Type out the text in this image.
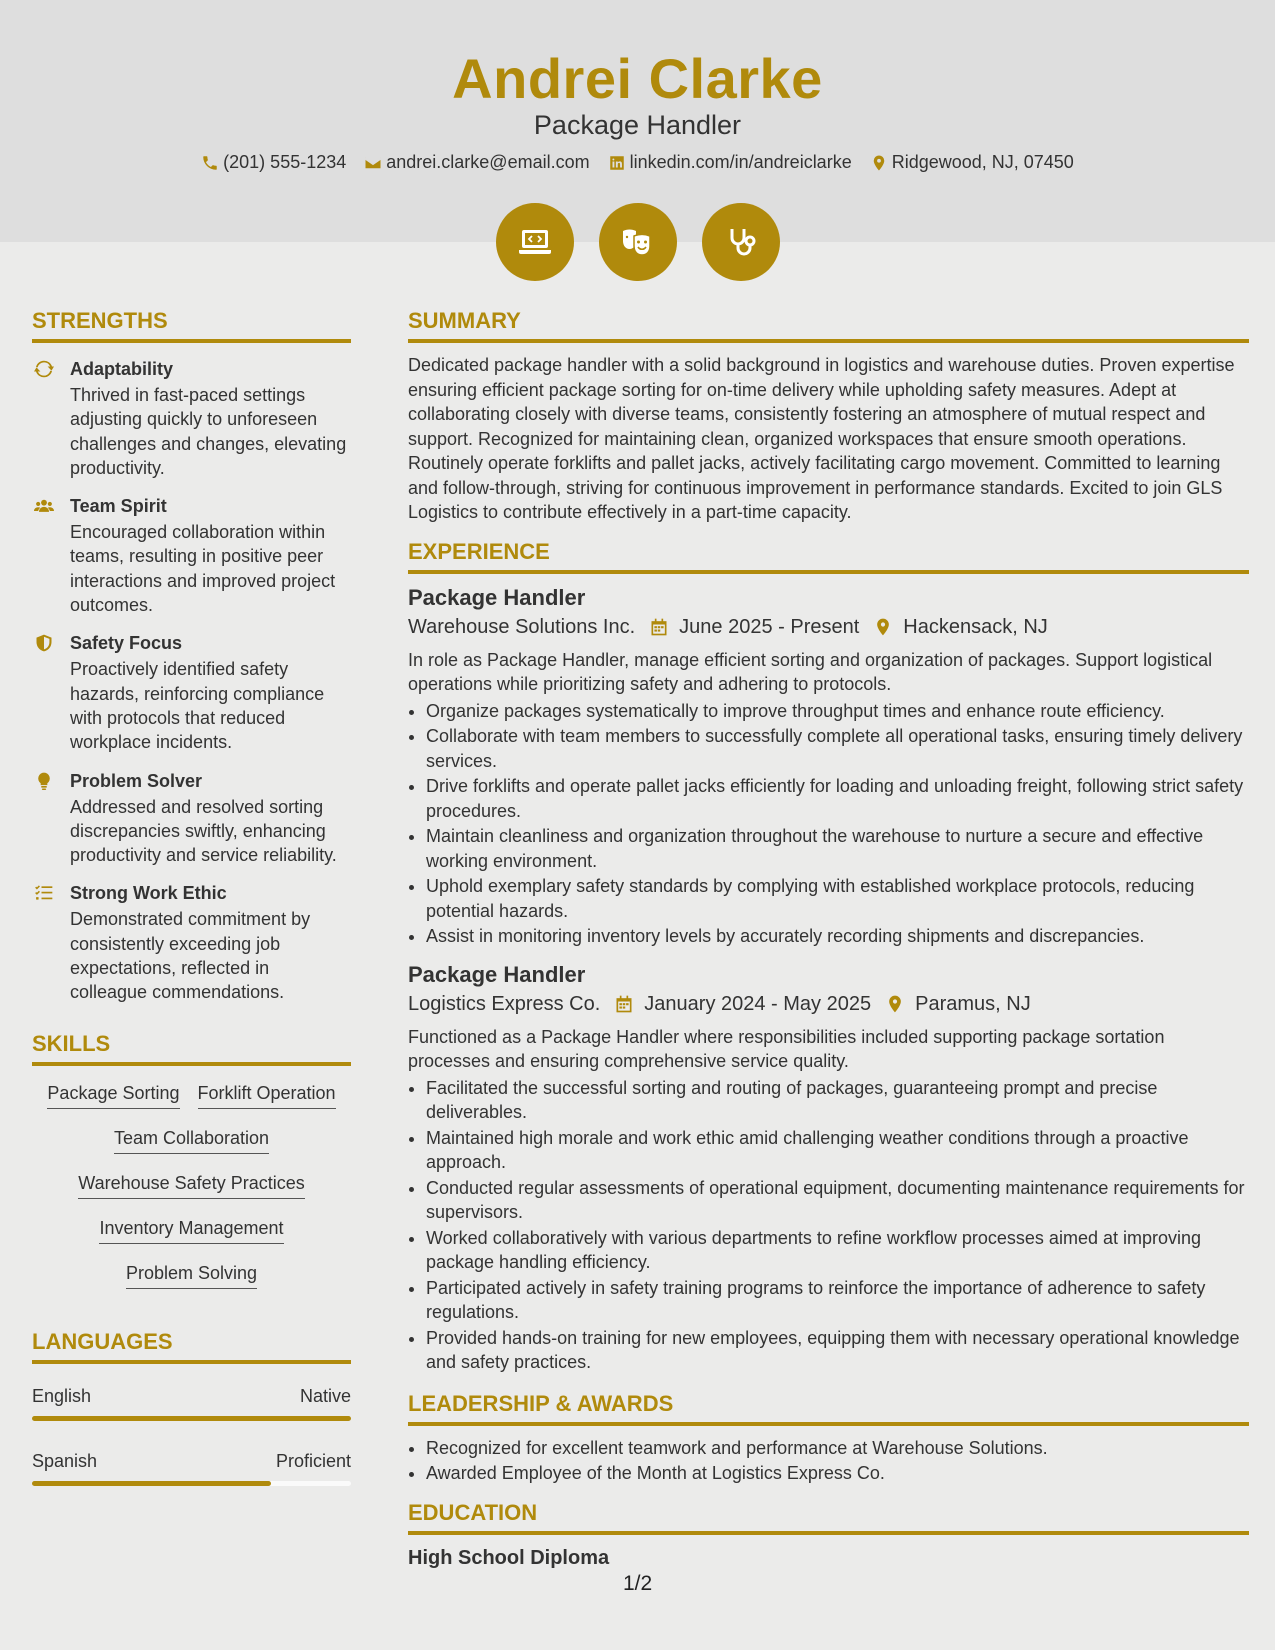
Andrei Clarke
Package Handler
(201) 555-1234 andrei.clarke@email.com linkedin.com/in/andreiclarke Ridgewood, NJ, 07450
STRENGTHS
Adaptability

Thrived in fast-paced settings adjusting quickly to unforeseen challenges and changes, elevating productivity.

Team Spirit

Encouraged collaboration within teams, resulting in positive peer interactions and improved project outcomes.

Safety Focus

Proactively identified safety hazards, reinforcing compliance with protocols that reduced workplace incidents.

Problem Solver

Addressed and resolved sorting discrepancies swiftly, enhancing productivity and service reliability.

Strong Work Ethic

Demonstrated commitment by consistently exceeding job expectations, reflected in colleague commendations.

SKILLS
Package Sorting Forklift Operation
Team Collaboration
Warehouse Safety Practices
Inventory Management
Problem Solving
LANGUAGES
English	Native
Spanish	Proficient
SUMMARY

Dedicated package handler with a solid background in logistics and warehouse duties. Proven expertise ensuring efficient package sorting for on-time delivery while upholding safety measures. Adept at collaborating closely with diverse teams, consistently fostering an atmosphere of mutual respect and support. Recognized for maintaining clean, organized workspaces that ensure smooth operations. Routinely operate forklifts and pallet jacks, actively facilitating cargo movement. Committed to learning and follow-through, striving for continuous improvement in performance standards. Excited to join GLS Logistics to contribute effectively in a part-time capacity.

EXPERIENCE
Package Handler
Warehouse Solutions Inc. June 2025 - Present Hackensack, NJ

In role as Package Handler, manage efficient sorting and organization of packages. Support logistical operations while prioritizing safety and adhering to protocols.

• Organize packages systematically to improve throughput times and enhance route efficiency.
• Collaborate with team members to successfully complete all operational tasks, ensuring timely delivery services.
• Drive forklifts and operate pallet jacks efficiently for loading and unloading freight, following strict safety procedures.
• Maintain cleanliness and organization throughout the warehouse to nurture a secure and effective working environment.
• Uphold exemplary safety standards by complying with established workplace protocols, reducing potential hazards.
• Assist in monitoring inventory levels by accurately recording shipments and discrepancies.
Package Handler
Logistics Express Co. January 2024 - May 2025 Paramus, NJ

Functioned as a Package Handler where responsibilities included supporting package sortation processes and ensuring comprehensive service quality.

• Facilitated the successful sorting and routing of packages, guaranteeing prompt and precise deliverables.
• Maintained high morale and work ethic amid challenging weather conditions through a proactive approach.
• Conducted regular assessments of operational equipment, documenting maintenance requirements for supervisors.
• Worked collaboratively with various departments to refine workflow processes aimed at improving package handling efficiency.
• Participated actively in safety training programs to reinforce the importance of adherence to safety regulations.
• Provided hands-on training for new employees, equipping them with necessary operational knowledge and safety practices.
LEADERSHIP & AWARDS
• Recognized for excellent teamwork and performance at Warehouse Solutions.
• Awarded Employee of the Month at Logistics Express Co.
EDUCATION
High School Diploma
1/2
